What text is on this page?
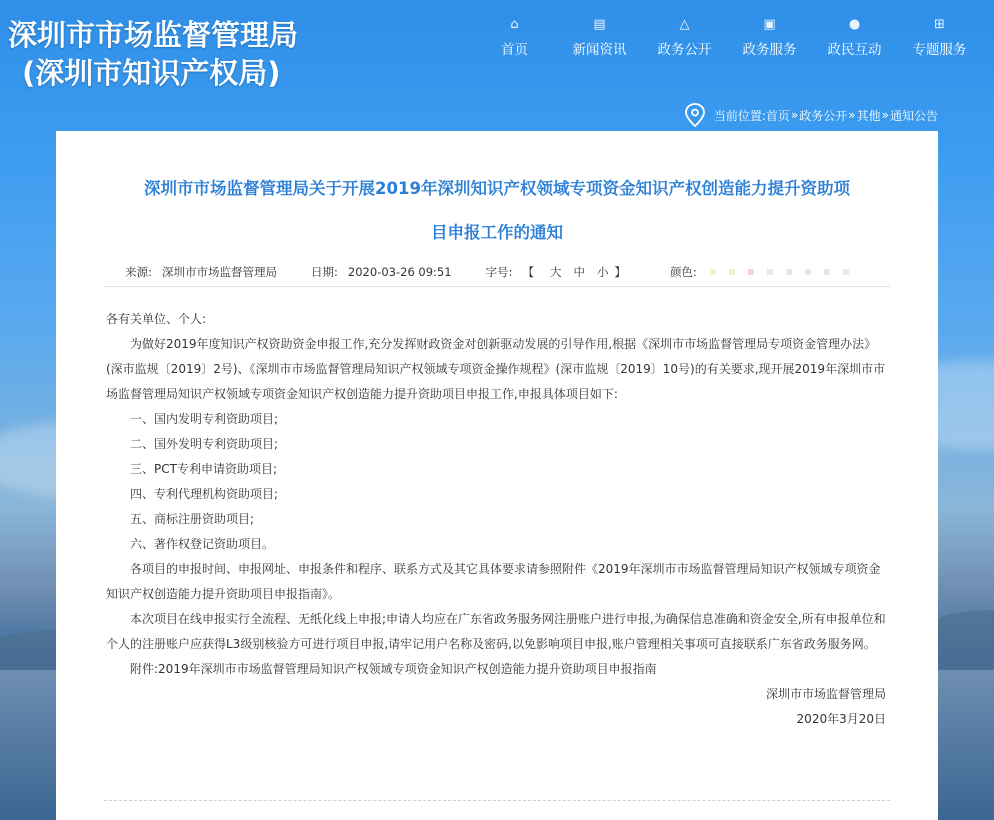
深圳市市场监督管理局
(深圳市知识产权局)
⌂
首页
▤
新闻资讯
△
政务公开
▣
政务服务
●
政民互动
⊞
专题服务
当前位置: 首页 » 政务公开 » 其他 » 通知公告
深圳市市场监督管理局关于开展2019年深圳知识产权领域专项资金知识产权创造能力提升资助项
目申报工作的通知
来源: 深圳市市场监督管理局	日期: 2020-03-26 09:51	字号: 【 大 中 小 】	颜色:

各有关单位、个人:

为做好2019年度知识产权资助资金申报工作,充分发挥财政资金对创新驱动发展的引导作用,根据《深圳市市场监督管理局专项资金管理办法》(深市监规〔2019〕2号)、《深圳市市场监督管理局知识产权领域专项资金操作规程》(深市监规〔2019〕10号)的有关要求,现开展2019年深圳市市场监督管理局知识产权领域专项资金知识产权创造能力提升资助项目申报工作,申报具体项目如下:

一、国内发明专利资助项目;

二、国外发明专利资助项目;

三、PCT专利申请资助项目;

四、专利代理机构资助项目;

五、商标注册资助项目;

六、著作权登记资助项目。

各项目的申报时间、申报网址、申报条件和程序、联系方式及其它具体要求请参照附件《2019年深圳市市场监督管理局知识产权领域专项资金知识产权创造能力提升资助项目申报指南》。

本次项目在线申报实行全流程、无纸化线上申报;申请人均应在广东省政务服务网注册账户进行申报,为确保信息准确和资金安全,所有申报单位和个人的注册账户应获得L3级别核验方可进行项目申报,请牢记用户名称及密码,以免影响项目申报,账户管理相关事项可直接联系广东省政务服务网。

附件:2019年深圳市市场监督管理局知识产权领域专项资金知识产权创造能力提升资助项目申报指南

深圳市市场监督管理局

2020年3月20日
